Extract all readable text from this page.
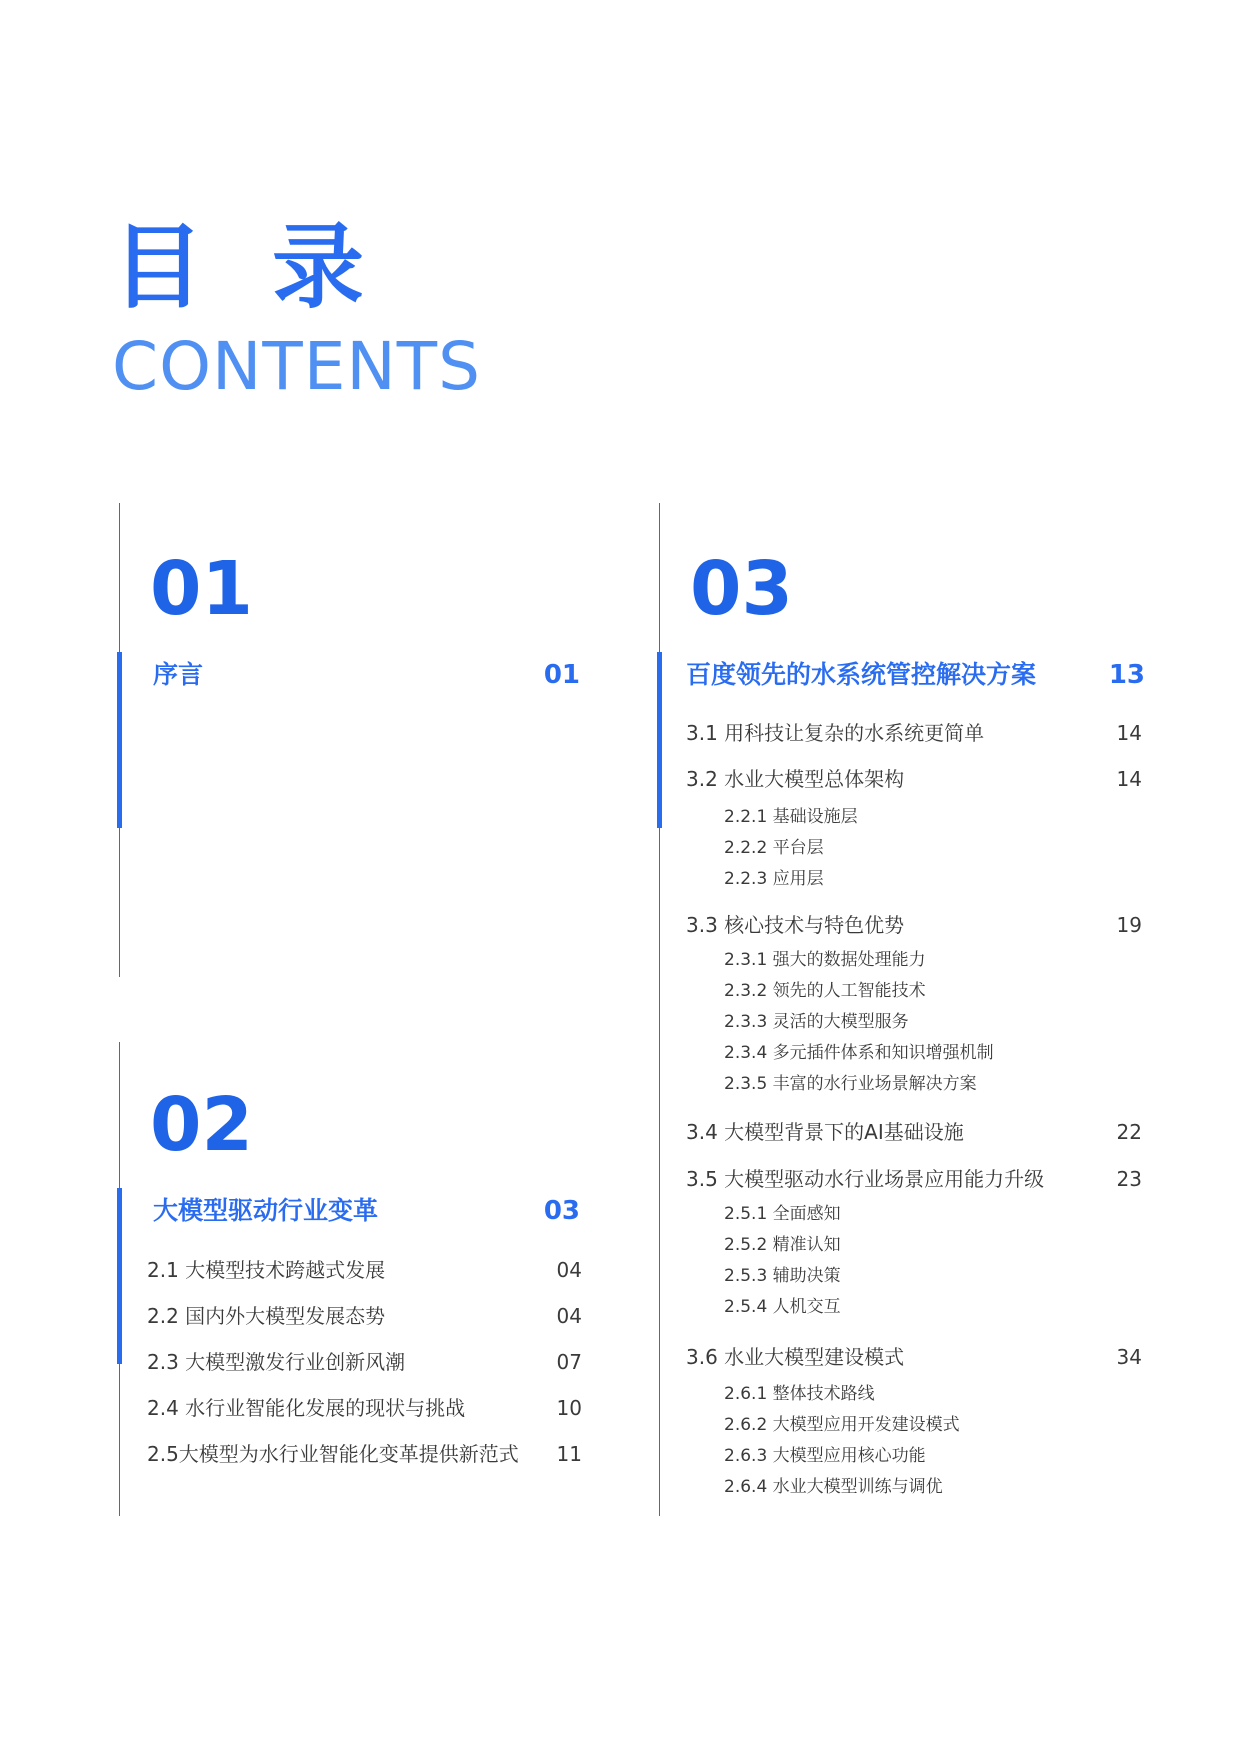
目 录
CONTENTS
01
序言	01
02
大模型驱动行业变革	03
2.1 大模型技术跨越式发展	04
2.2 国内外大模型发展态势	04
2.3 大模型激发行业创新风潮	07
2.4 水行业智能化发展的现状与挑战	10
2.5大模型为水行业智能化变革提供新范式	11
03
百度领先的水系统管控解决方案	13
3.1 用科技让复杂的水系统更简单	14
3.2 水业大模型总体架构	14
2.2.1 基础设施层
2.2.2 平台层
2.2.3 应用层
3.3 核心技术与特色优势	19
2.3.1 强大的数据处理能力
2.3.2 领先的人工智能技术
2.3.3 灵活的大模型服务
2.3.4 多元插件体系和知识增强机制
2.3.5 丰富的水行业场景解决方案
3.4 大模型背景下的AI基础设施	22
3.5 大模型驱动水行业场景应用能力升级	23
2.5.1 全面感知
2.5.2 精准认知
2.5.3 辅助决策
2.5.4 人机交互
3.6 水业大模型建设模式	34
2.6.1 整体技术路线
2.6.2 大模型应用开发建设模式
2.6.3 大模型应用核心功能
2.6.4 水业大模型训练与调优
